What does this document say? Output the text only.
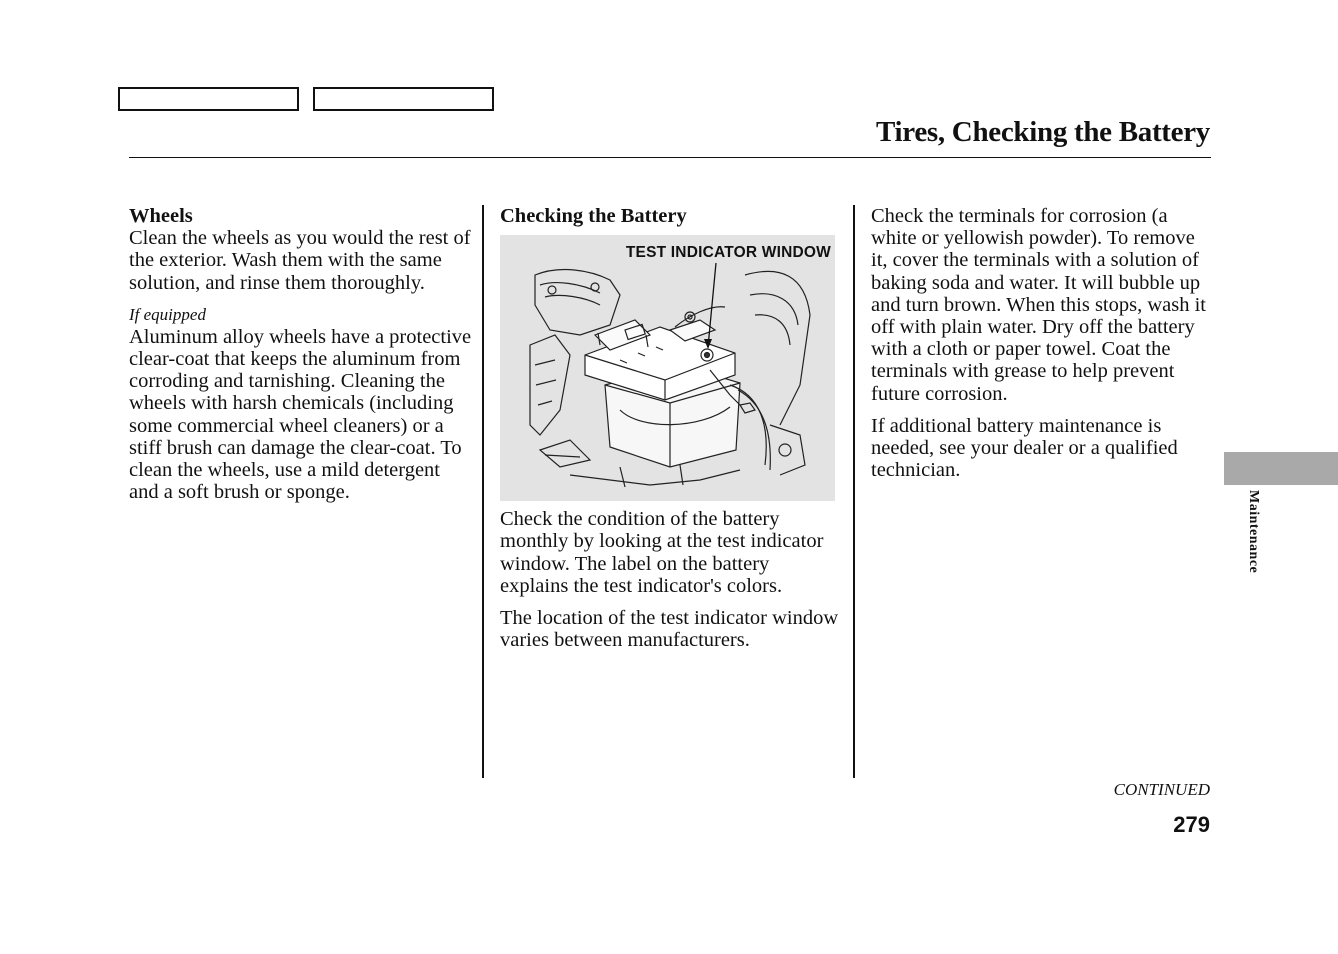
Tires, Checking the Battery

Wheels

Clean the wheels as you would the rest of the exterior. Wash them with the same solution, and rinse them thoroughly.

If equipped

Aluminum alloy wheels have a protective clear-coat that keeps the aluminum from corroding and tarnishing. Cleaning the wheels with harsh chemicals (including some commercial wheel cleaners) or a stiff brush can damage the clear-coat. To clean the wheels, use a mild detergent and a soft brush or sponge.

Checking the Battery

TEST INDICATOR WINDOW

Check the condition of the battery monthly by looking at the test indicator window. The label on the battery explains the test indicator's colors.

The location of the test indicator window varies between manufacturers.

Check the terminals for corrosion (a white or yellowish powder). To remove it, cover the terminals with a solution of baking soda and water. It will bubble up and turn brown. When this stops, wash it off with plain water. Dry off the battery with a cloth or paper towel. Coat the terminals with grease to help prevent future corrosion.

If additional battery maintenance is needed, see your dealer or a qualified technician.

Maintenance
CONTINUED
279
